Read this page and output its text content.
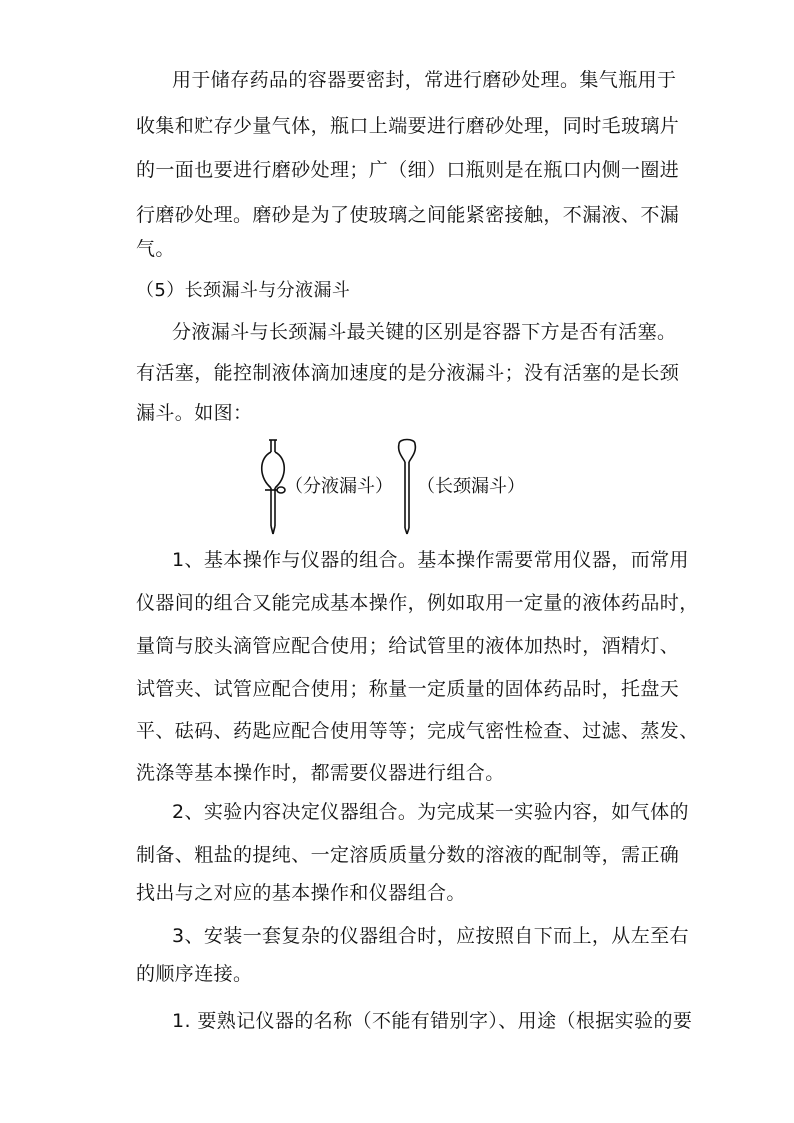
用于储存药品的容器要密封，常进行磨砂处理。集气瓶用于
收集和贮存少量气体，瓶口上端要进行磨砂处理，同时毛玻璃片
的一面也要进行磨砂处理；广（细）口瓶则是在瓶口内侧一圈进
行磨砂处理。磨砂是为了使玻璃之间能紧密接触，不漏液、不漏
气。
（5）长颈漏斗与分液漏斗
分液漏斗与长颈漏斗最关键的区别是容器下方是否有活塞。
有活塞，能控制液体滴加速度的是分液漏斗；没有活塞的是长颈
漏斗。如图：
（分液漏斗） （长颈漏斗）
1、基本操作与仪器的组合。基本操作需要常用仪器，而常用
仪器间的组合又能完成基本操作，例如取用一定量的液体药品时，
量筒与胶头滴管应配合使用；给试管里的液体加热时，酒精灯、
试管夹、试管应配合使用；称量一定质量的固体药品时，托盘天
平、砝码、药匙应配合使用等等；完成气密性检查、过滤、蒸发、
洗涤等基本操作时，都需要仪器进行组合。
2、实验内容决定仪器组合。为完成某一实验内容，如气体的
制备、粗盐的提纯、一定溶质质量分数的溶液的配制等，需正确
找出与之对应的基本操作和仪器组合。
3、安装一套复杂的仪器组合时，应按照自下而上，从左至右
的顺序连接。
1. 要熟记仪器的名称（不能有错别字）、用途（根据实验的要
